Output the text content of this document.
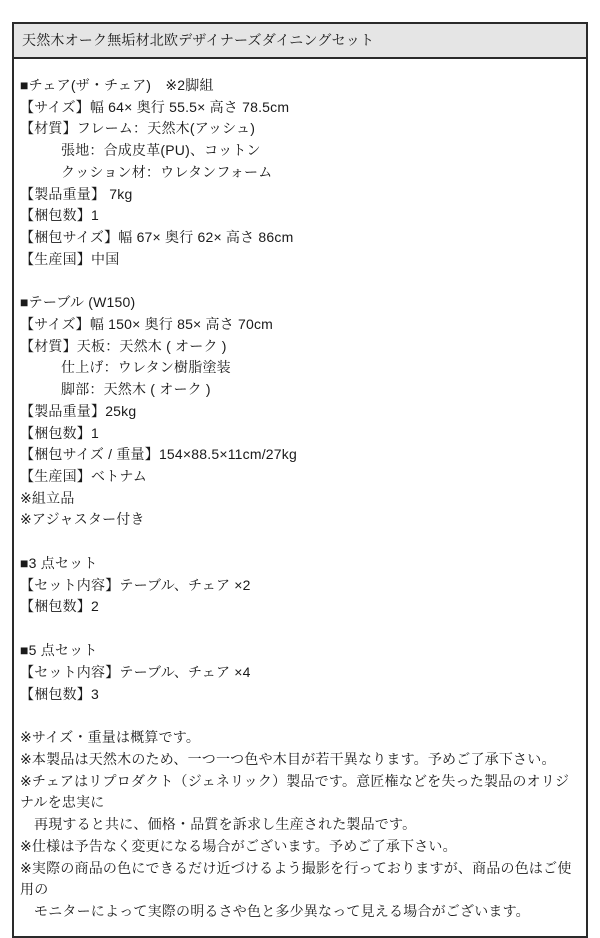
天然木オーク無垢材北欧デザイナーズダイニングセット
■チェア(ザ・チェア)　※2脚組
【サイズ】幅 64× 奥行 55.5× 高さ 78.5cm
【材質】フレーム：天然木(アッシュ)
張地：合成皮革(PU)、コットン
クッション材：ウレタンフォーム
【製品重量】 7kg
【梱包数】1
【梱包サイズ】幅 67× 奥行 62× 高さ 86cm
【生産国】中国
■テーブル (W150)
【サイズ】幅 150× 奥行 85× 高さ 70cm
【材質】天板：天然木 ( オーク )
仕上げ：ウレタン樹脂塗装
脚部：天然木 ( オーク )
【製品重量】25kg
【梱包数】1
【梱包サイズ / 重量】154×88.5×11cm/27kg
【生産国】ベトナム
※組立品
※アジャスター付き
■3 点セット
【セット内容】テーブル、チェア ×2
【梱包数】2
■5 点セット
【セット内容】テーブル、チェア ×4
【梱包数】3
※サイズ・重量は概算です。
※本製品は天然木のため、一つ一つ色や木目が若干異なります。予めご了承下さい。
※チェアはリプロダクト（ジェネリック）製品です。意匠権などを失った製品のオリジナルを忠実に
再現すると共に、価格・品質を訴求し生産された製品です。
※仕様は予告なく変更になる場合がございます。予めご了承下さい。
※実際の商品の色にできるだけ近づけるよう撮影を行っておりますが、商品の色はご使用の
モニターによって実際の明るさや色と多少異なって見える場合がございます。
